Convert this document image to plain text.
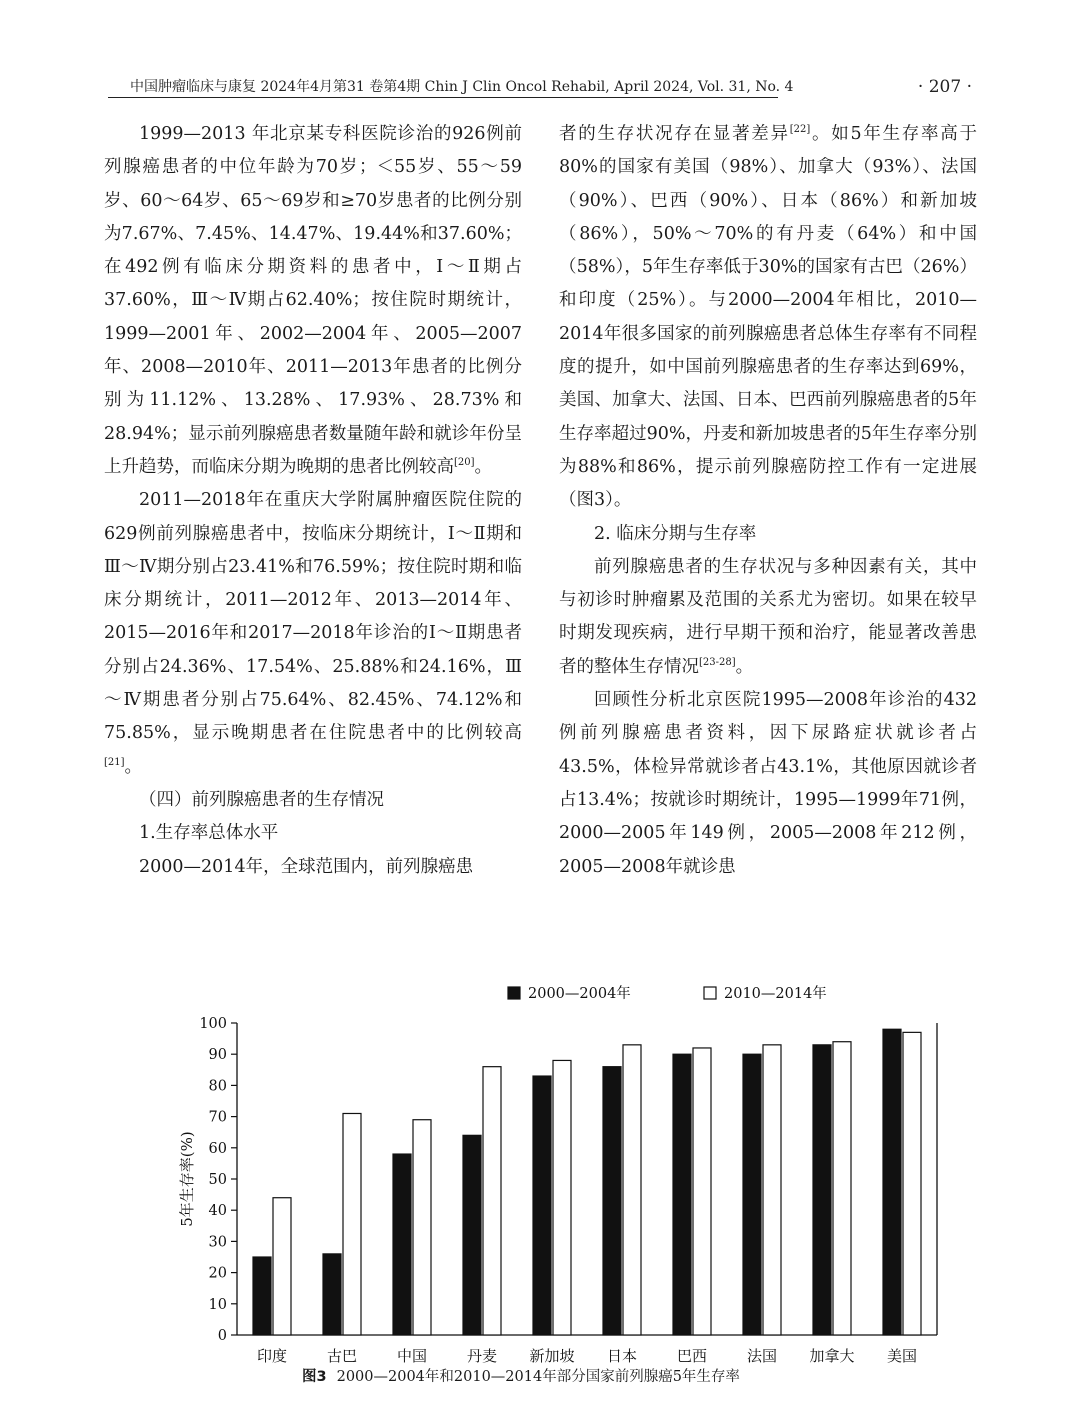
中国肿瘤临床与康复 2024年4月第31 卷第4期 Chin J Clin Oncol Rehabil, April 2024, Vol. 31, No. 4	· 207 ·

1999—2013 年北京某专科医院诊治的926例前列腺癌患者的中位年龄为70岁；＜55岁、55～59岁、60～64岁、65～69岁和≥70岁患者的比例分别为7.67%、7.45%、14.47%、19.44%和37.60%；在492例有临床分期资料的患者中，Ⅰ～Ⅱ期占37.60%，Ⅲ～Ⅳ期占62.40%；按住院时期统计，1999—2001年、2002—2004年、2005—2007年、2008—2010年、2011—2013年患者的比例分别为11.12%、13.28%、17.93%、28.73%和28.94%；显示前列腺癌患者数量随年龄和就诊年份呈上升趋势，而临床分期为晚期的患者比例较高[20]。

2011—2018年在重庆大学附属肿瘤医院住院的629例前列腺癌患者中，按临床分期统计，Ⅰ～Ⅱ期和Ⅲ～Ⅳ期分别占23.41%和76.59%；按住院时期和临床分期统计，2011—2012年、2013—2014年、2015—2016年和2017—2018年诊治的Ⅰ～Ⅱ期患者分别占24.36%、17.54%、25.88%和24.16%，Ⅲ～Ⅳ期患者分别占75.64%、82.45%、74.12%和75.85%，显示晚期患者在住院患者中的比例较高[21]。

（四）前列腺癌患者的生存情况

1.生存率总体水平

2000—2014年，全球范围内，前列腺癌患

者的生存状况存在显著差异[22]。如5年生存率高于80%的国家有美国（98%）、加拿大（93%）、法国（90%）、巴西（90%）、日本（86%）和新加坡（86%），50%～70%的有丹麦（64%）和中国（58%），5年生存率低于30%的国家有古巴（26%）和印度（25%）。与2000—2004年相比，2010—2014年很多国家的前列腺癌患者总体生存率有不同程度的提升，如中国前列腺癌患者的生存率达到69%，美国、加拿大、法国、日本、巴西前列腺癌患者的5年生存率超过90%，丹麦和新加坡患者的5年生存率分别为88%和86%，提示前列腺癌防控工作有一定进展（图3）。

2. 临床分期与生存率

前列腺癌患者的生存状况与多种因素有关，其中与初诊时肿瘤累及范围的关系尤为密切。如果在较早时期发现疾病，进行早期干预和治疗，能显著改善患者的整体生存情况[23-28]。

回顾性分析北京医院1995—2008年诊治的432例前列腺癌患者资料，因下尿路症状就诊者占43.5%，体检异常就诊者占43.1%，其他原因就诊者占13.4%；按就诊时期统计，1995—1999年71例，2000—2005年149例，2005—2008年212例，2005—2008年就诊患

2000—2004年	2010—2014年
0
10
20
30
40
50
60
70
80
90
100
5年生存率(%)
印度	古巴	中国	丹麦 新加坡 日本	巴西	法国 加拿大 美国
图3 2000—2004年和2010—2014年部分国家前列腺癌5年生存率
